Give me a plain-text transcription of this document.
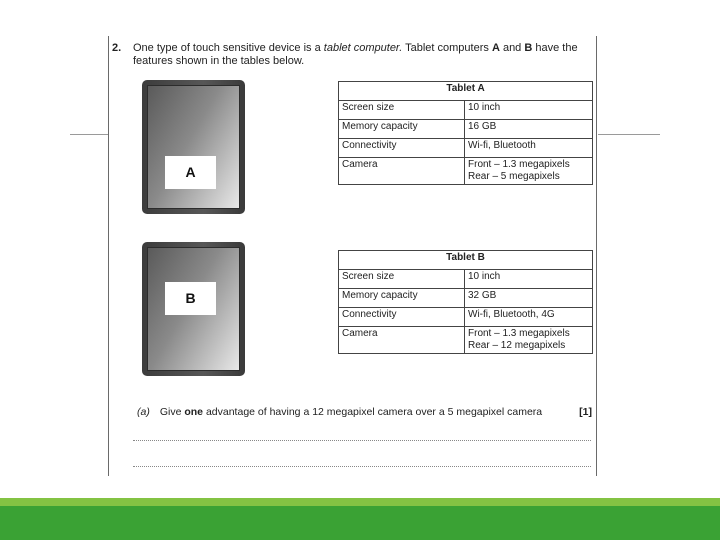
2. One type of touch sensitive device is a tablet computer. Tablet computers A and B have the features shown in the tables below.
A
Tablet A	
Screen size	10 inch
Memory capacity	16 GB
Connectivity	Wi-fi, Bluetooth
Camera	Front – 1.3 megapixels
Rear – 5 megapixels
B
Tablet B	
Screen size	10 inch
Memory capacity	32 GB
Connectivity	Wi-fi, Bluetooth, 4G
Camera	Front – 1.3 megapixels
Rear – 12 megapixels
(a) Give one advantage of having a 12 megapixel camera over a 5 megapixel camera	[1]
